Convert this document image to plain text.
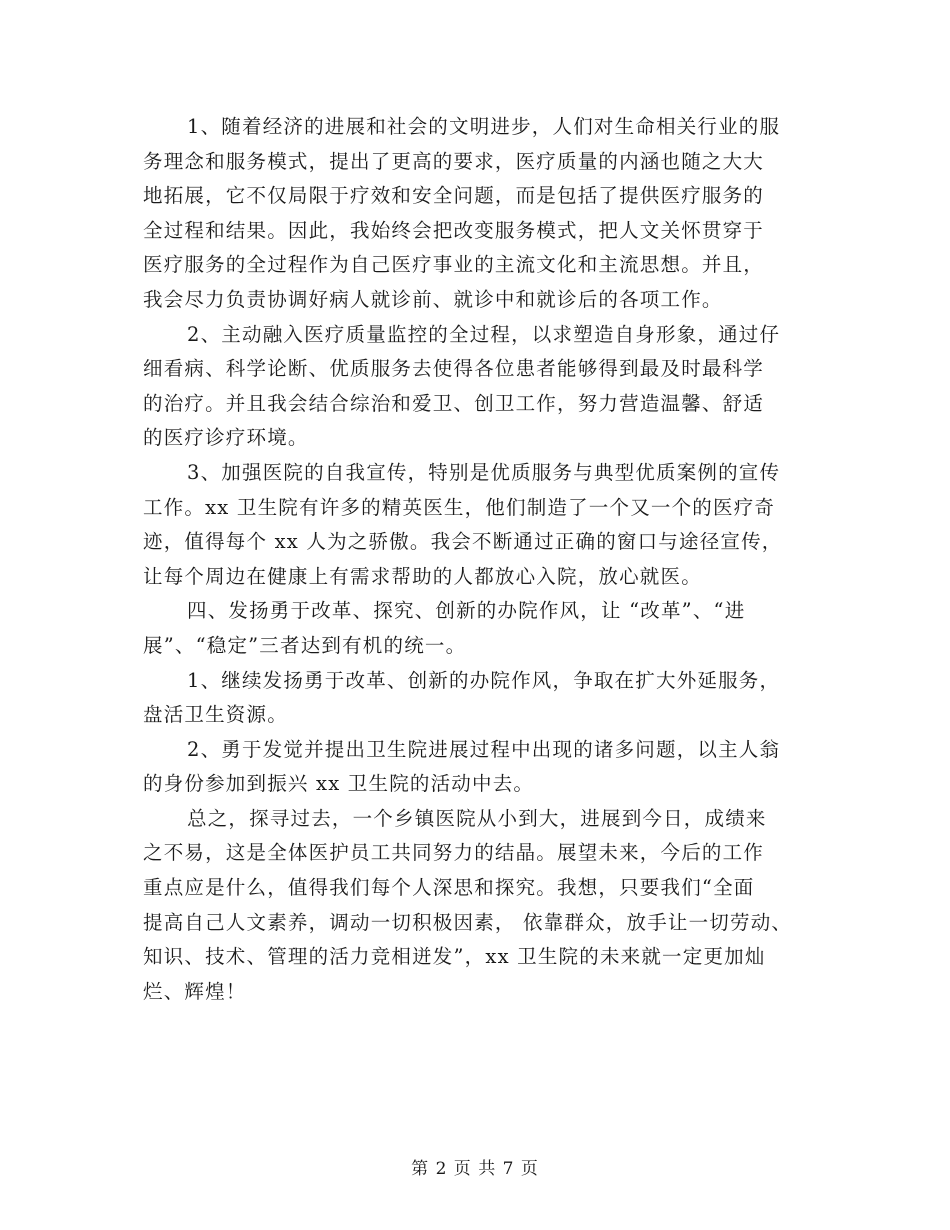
1、随着经济的进展和社会的文明进步，人们对生命相关行业的服
务理念和服务模式，提出了更高的要求，医疗质量的内涵也随之大大
地拓展，它不仅局限于疗效和安全问题，而是包括了提供医疗服务的
全过程和结果。因此，我始终会把改变服务模式，把人文关怀贯穿于
医疗服务的全过程作为自己医疗事业的主流文化和主流思想。并且，
我会尽力负责协调好病人就诊前、就诊中和就诊后的各项工作。

2、主动融入医疗质量监控的全过程，以求塑造自身形象，通过仔
细看病、科学论断、优质服务去使得各位患者能够得到最及时最科学
的治疗。并且我会结合综治和爱卫、创卫工作，努力营造温馨、舒适
的医疗诊疗环境。

3、加强医院的自我宣传，特别是优质服务与典型优质案例的宣传
工作。xx 卫生院有许多的精英医生，他们制造了一个又一个的医疗奇
迹，值得每个 xx 人为之骄傲。我会不断通过正确的窗口与途径宣传，
让每个周边在健康上有需求帮助的人都放心入院，放心就医。

四、发扬勇于改革、探究、创新的办院作风，让 “改革”、“进
展”、“稳定”三者达到有机的统一。

1、继续发扬勇于改革、创新的办院作风，争取在扩大外延服务，
盘活卫生资源。

2、勇于发觉并提出卫生院进展过程中出现的诸多问题，以主人翁
的身份参加到振兴 xx 卫生院的活动中去。

总之，探寻过去，一个乡镇医院从小到大，进展到今日，成绩来
之不易，这是全体医护员工共同努力的结晶。展望未来，今后的工作
重点应是什么，值得我们每个人深思和探究。我想，只要我们“全面
提高自己人文素养，调动一切积极因素， 依靠群众，放手让一切劳动、
知识、技术、管理的活力竞相迸发”，xx 卫生院的未来就一定更加灿
烂、辉煌！

第 2 页 共 7 页
